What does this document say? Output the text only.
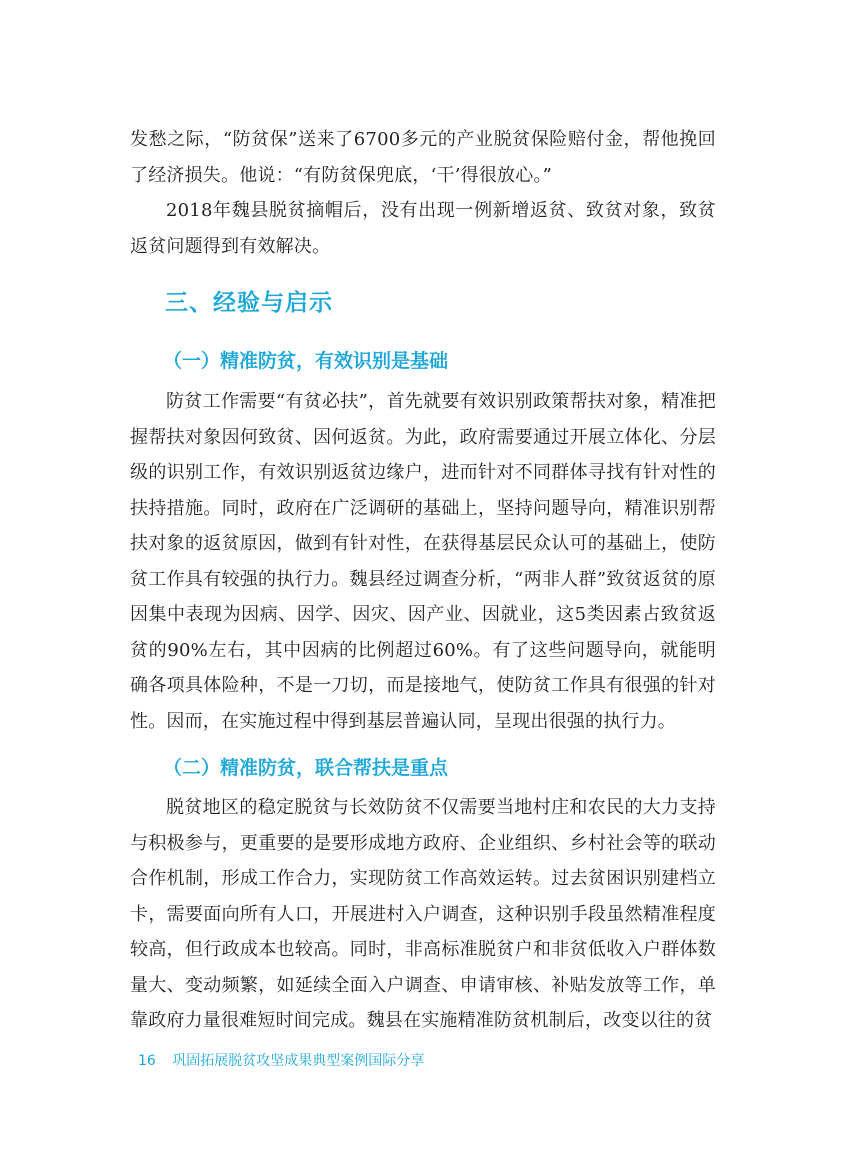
发愁之际，“防贫保”送来了6700多元的产业脱贫保险赔付金，帮他挽回了经济损失。他说：“有防贫保兜底，‘干’得很放心。”

2018年魏县脱贫摘帽后，没有出现一例新增返贫、致贫对象，致贫返贫问题得到有效解决。

三、经验与启示
（一）精准防贫，有效识别是基础

防贫工作需要“有贫必扶”，首先就要有效识别政策帮扶对象，精准把握帮扶对象因何致贫、因何返贫。为此，政府需要通过开展立体化、分层级的识别工作，有效识别返贫边缘户，进而针对不同群体寻找有针对性的扶持措施。同时，政府在广泛调研的基础上，坚持问题导向，精准识别帮扶对象的返贫原因，做到有针对性，在获得基层民众认可的基础上，使防贫工作具有较强的执行力。魏县经过调查分析，“两非人群”致贫返贫的原因集中表现为因病、因学、因灾、因产业、因就业，这5类因素占致贫返贫的90%左右，其中因病的比例超过60%。有了这些问题导向，就能明确各项具体险种，不是一刀切，而是接地气，使防贫工作具有很强的针对性。因而，在实施过程中得到基层普遍认同，呈现出很强的执行力。

（二）精准防贫，联合帮扶是重点

脱贫地区的稳定脱贫与长效防贫不仅需要当地村庄和农民的大力支持与积极参与，更重要的是要形成地方政府、企业组织、乡村社会等的联动合作机制，形成工作合力，实现防贫工作高效运转。过去贫困识别建档立卡，需要面向所有人口，开展进村入户调查，这种识别手段虽然精准程度较高，但行政成本也较高。同时，非高标准脱贫户和非贫低收入户群体数量大、变动频繁，如延续全面入户调查、申请审核、补贴发放等工作，单靠政府力量很难短时间完成。魏县在实施精准防贫机制后，改变以往的贫

16 巩固拓展脱贫攻坚成果典型案例国际分享
